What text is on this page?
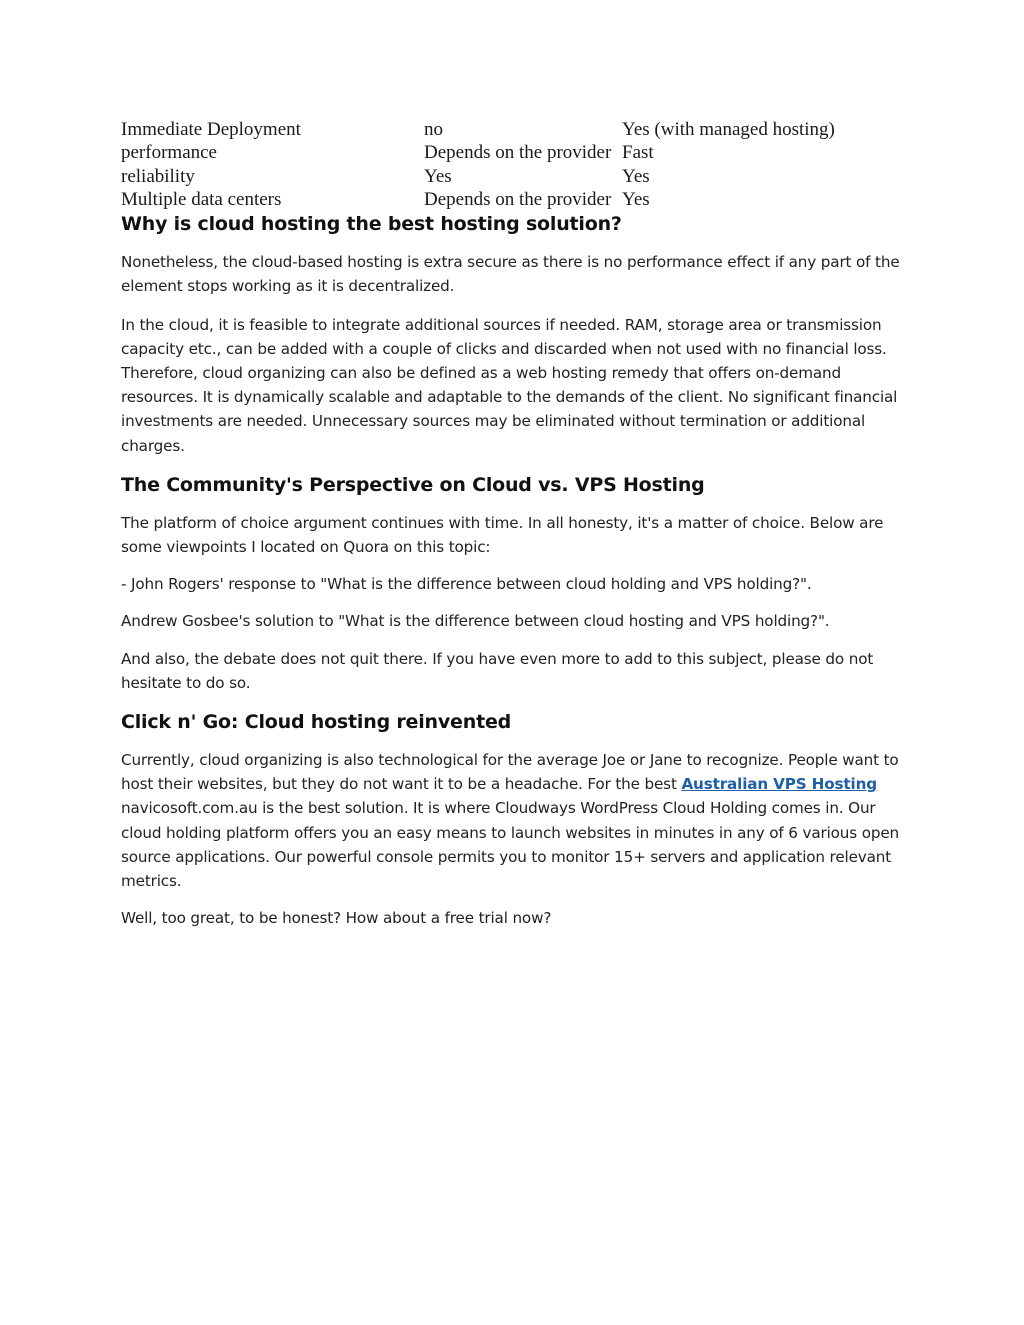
Immediate Deployment	no	Yes (with managed hosting)
performance	Depends on the provider	Fast
reliability	Yes	Yes
Multiple data centers	Depends on the provider	Yes
Why is cloud hosting the best hosting solution?

Nonetheless, the cloud-based hosting is extra secure as there is no performance effect if any part of the element stops working as it is decentralized.

In the cloud, it is feasible to integrate additional sources if needed. RAM, storage area or transmission capacity etc., can be added with a couple of clicks and discarded when not used with no financial loss. Therefore, cloud organizing can also be defined as a web hosting remedy that offers on-demand resources. It is dynamically scalable and adaptable to the demands of the client. No significant financial investments are needed. Unnecessary sources may be eliminated without termination or additional charges.

The Community's Perspective on Cloud vs. VPS Hosting

The platform of choice argument continues with time. In all honesty, it's a matter of choice. Below are some viewpoints I located on Quora on this topic:

- John Rogers' response to "What is the difference between cloud holding and VPS holding?".

Andrew Gosbee's solution to "What is the difference between cloud hosting and VPS holding?".

And also, the debate does not quit there. If you have even more to add to this subject, please do not hesitate to do so.

Click n' Go: Cloud hosting reinvented

Currently, cloud organizing is also technological for the average Joe or Jane to recognize. People want to host their websites, but they do not want it to be a headache. For the best Australian VPS Hosting navicosoft.com.au is the best solution. It is where Cloudways WordPress Cloud Holding comes in. Our cloud holding platform offers you an easy means to launch websites in minutes in any of 6 various open source applications. Our powerful console permits you to monitor 15+ servers and application relevant metrics.

Well, too great, to be honest? How about a free trial now?
